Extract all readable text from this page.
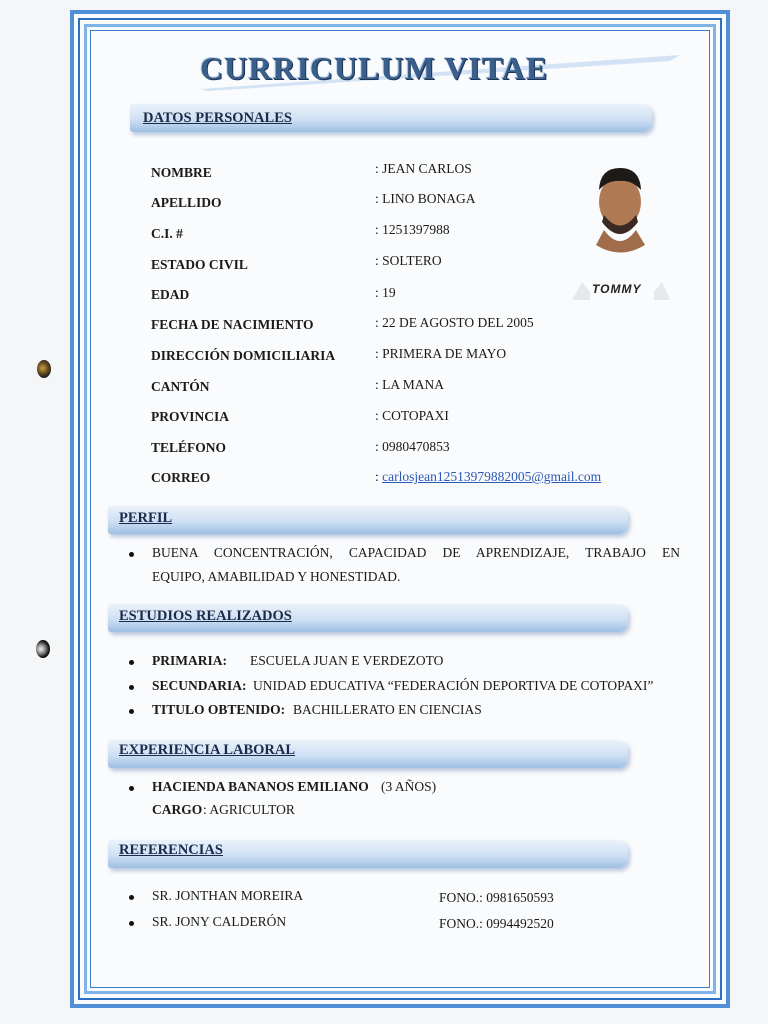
CURRICULUM VITAE
DATOS PERSONALES
NOMBRE	: JEAN CARLOS
APELLIDO	: LINO BONAGA
C.I. #	: 1251397988
ESTADO CIVIL	: SOLTERO
EDAD	: 19
FECHA DE NACIMIENTO	: 22 DE AGOSTO DEL 2005
DIRECCIÓN DOMICILIARIA	: PRIMERA DE MAYO
CANTÓN	: LA MANA
PROVINCIA	: COTOPAXI
TELÉFONO	: 0980470853
CORREO	: carlosjean12513979882005@gmail.com
TOMMY
PERFIL
BUENA CONCENTRACIÓN, CAPACIDAD DE APRENDIZAJE, TRABAJO EN
EQUIPO, AMABILIDAD Y HONESTIDAD.
ESTUDIOS REALIZADOS
PRIMARIA: ESCUELA JUAN E VERDEZOTO
SECUNDARIA: UNIDAD EDUCATIVA “FEDERACIÓN DEPORTIVA DE COTOPAXI”
TITULO OBTENIDO: BACHILLERATO EN CIENCIAS
EXPERIENCIA LABORAL
HACIENDA BANANOS EMILIANO (3 AÑOS)
CARGO : AGRICULTOR
REFERENCIAS
SR. JONTHAN MOREIRA	FONO.: 0981650593
SR. JONY CALDERÓN	FONO.: 0994492520
